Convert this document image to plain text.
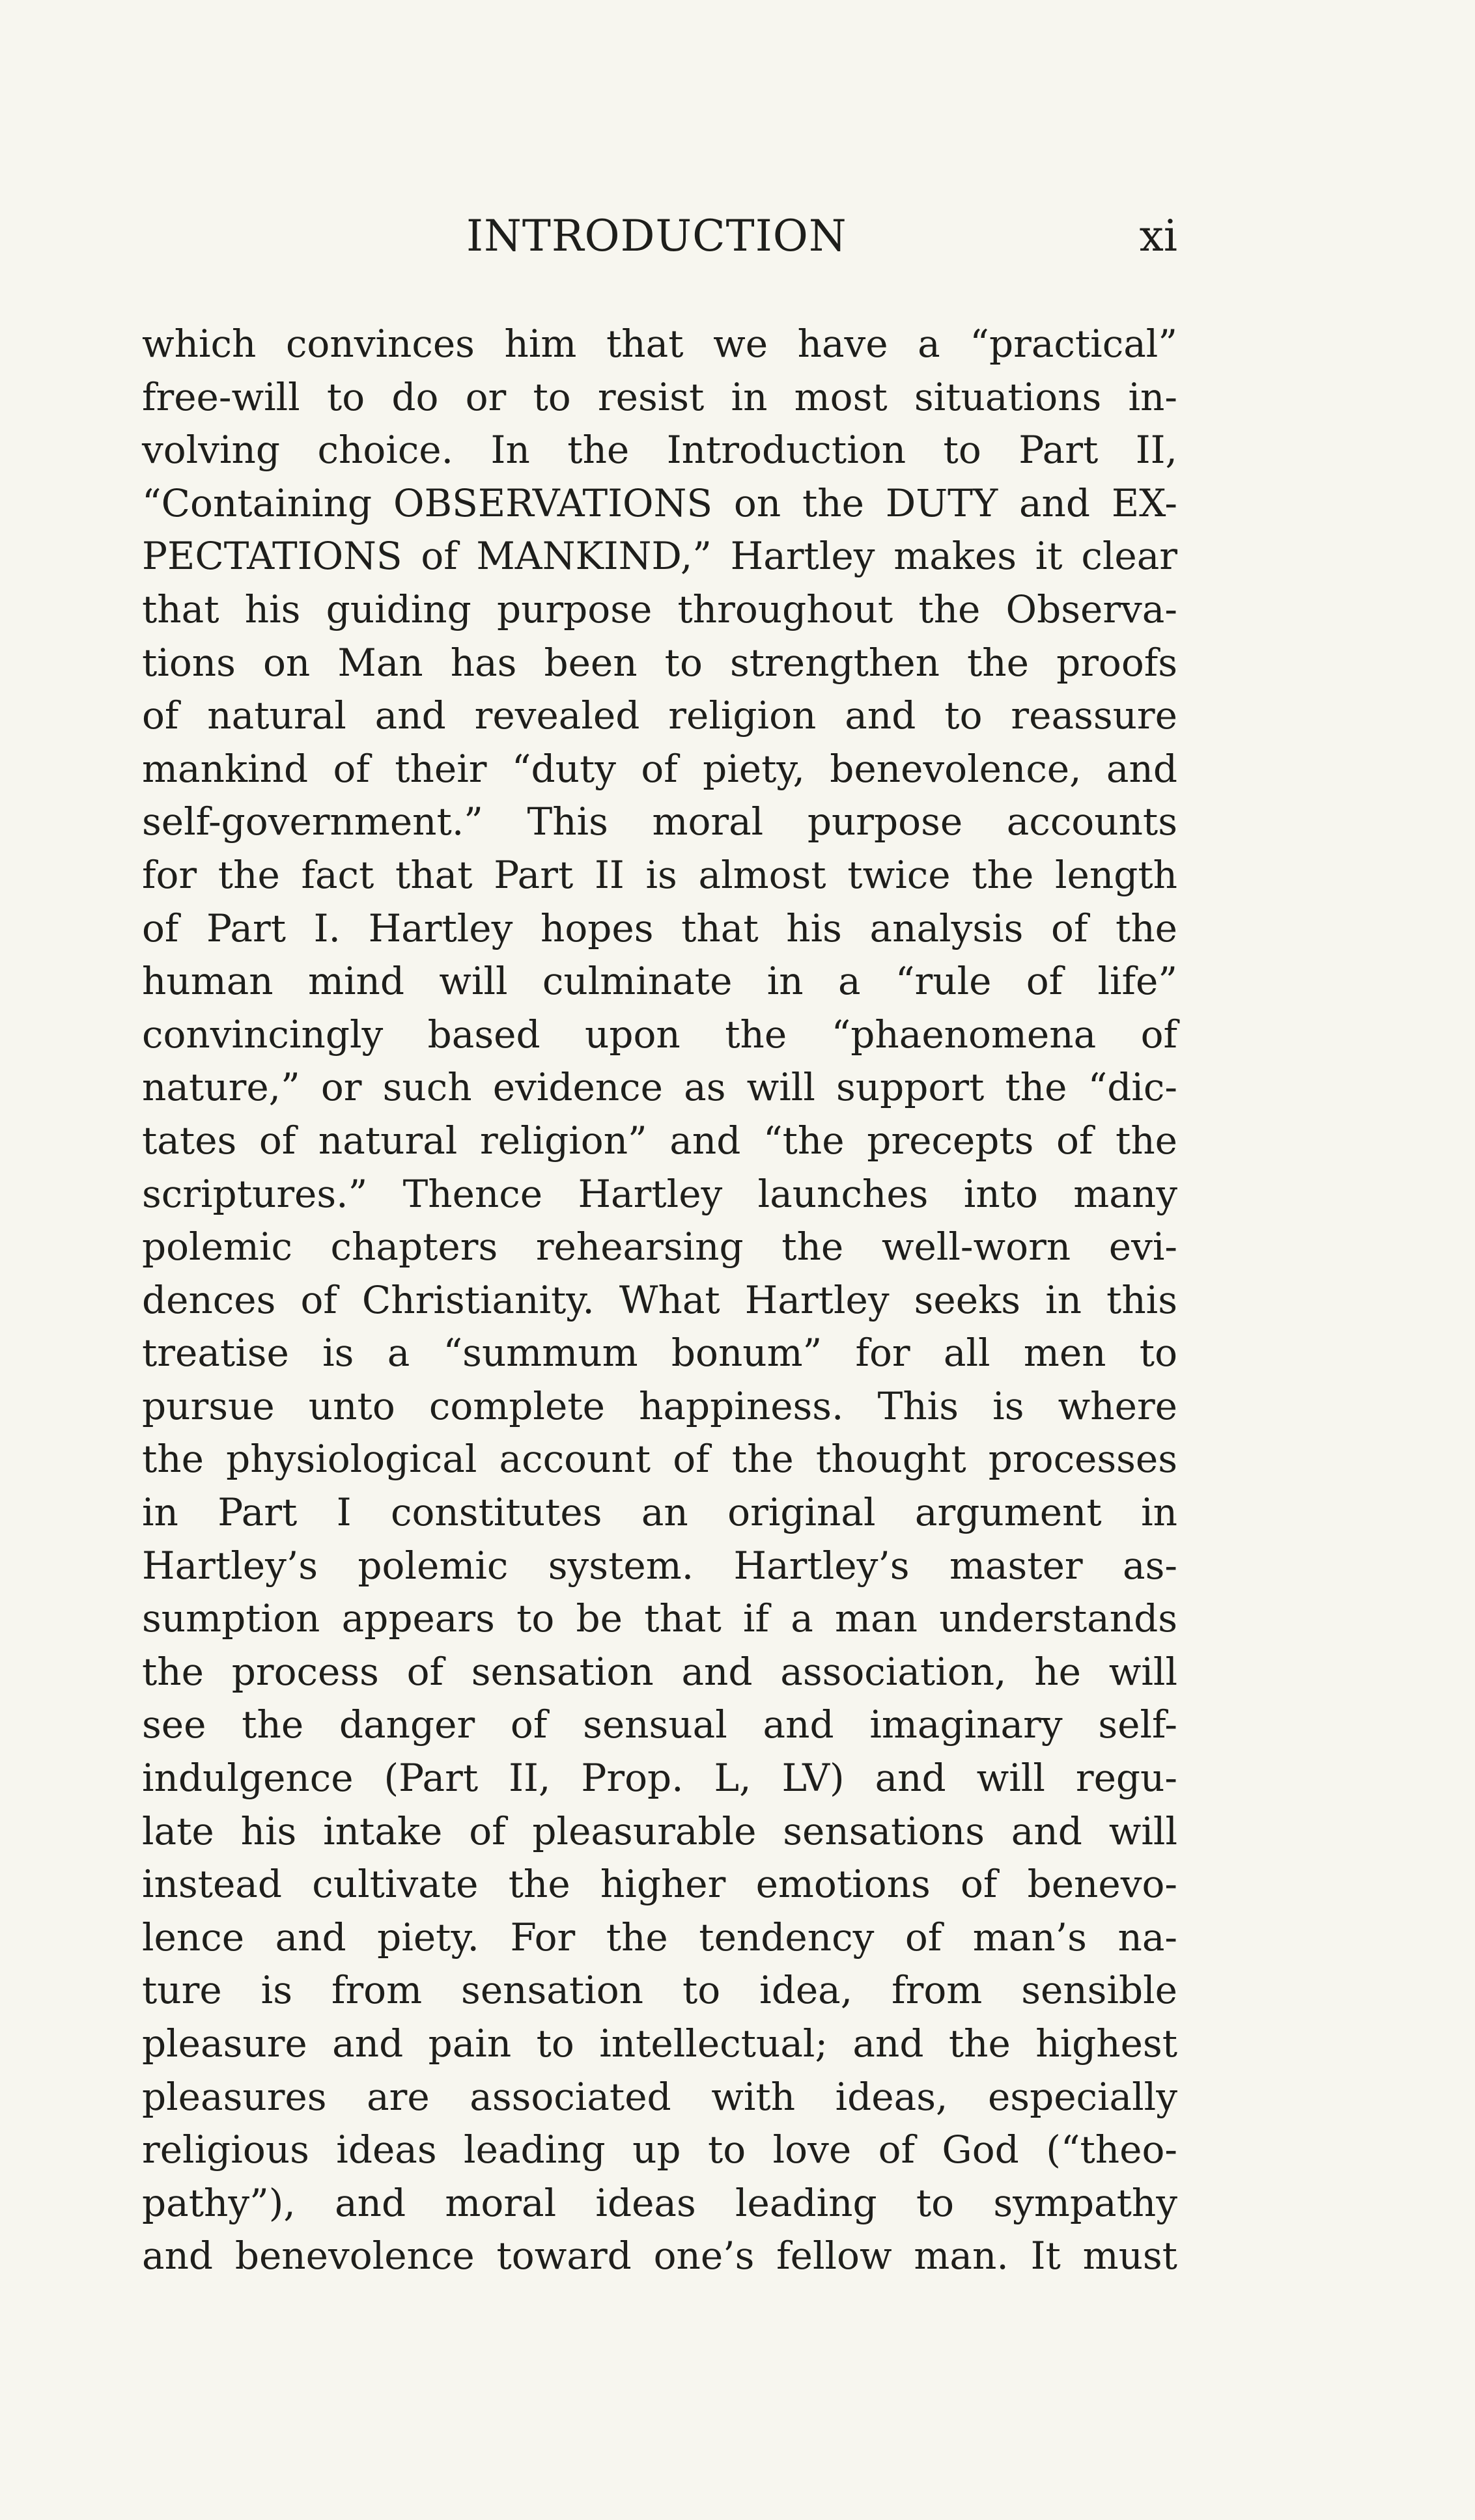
INTRODUCTION	xi
which convinces him that we have a “practical”
free-will to do or to resist in most situations in-
volving choice. In the Introduction to Part II,
“Containing OBSERVATIONS on the DUTY and EX-
PECTATIONS of MANKIND,” Hartley makes it clear
that his guiding purpose throughout the Observa-
tions on Man has been to strengthen the proofs
of natural and revealed religion and to reassure
mankind of their “duty of piety, benevolence, and
self-government.” This moral purpose accounts
for the fact that Part II is almost twice the length
of Part I. Hartley hopes that his analysis of the
human mind will culminate in a “rule of life”
convincingly based upon the “phaenomena of
nature,” or such evidence as will support the “dic-
tates of natural religion” and “the precepts of the
scriptures.” Thence Hartley launches into many
polemic chapters rehearsing the well-worn evi-
dences of Christianity. What Hartley seeks in this
treatise is a “summum bonum” for all men to
pursue unto complete happiness. This is where
the physiological account of the thought processes
in Part I constitutes an original argument in
Hartley’s polemic system. Hartley’s master as-
sumption appears to be that if a man understands
the process of sensation and association, he will
see the danger of sensual and imaginary self-
indulgence (Part II, Prop. L, LV) and will regu-
late his intake of pleasurable sensations and will
instead cultivate the higher emotions of benevo-
lence and piety. For the tendency of man’s na-
ture is from sensation to idea, from sensible
pleasure and pain to intellectual; and the highest
pleasures are associated with ideas, especially
religious ideas leading up to love of God (“theo-
pathy”), and moral ideas leading to sympathy
and benevolence toward one’s fellow man. It must
